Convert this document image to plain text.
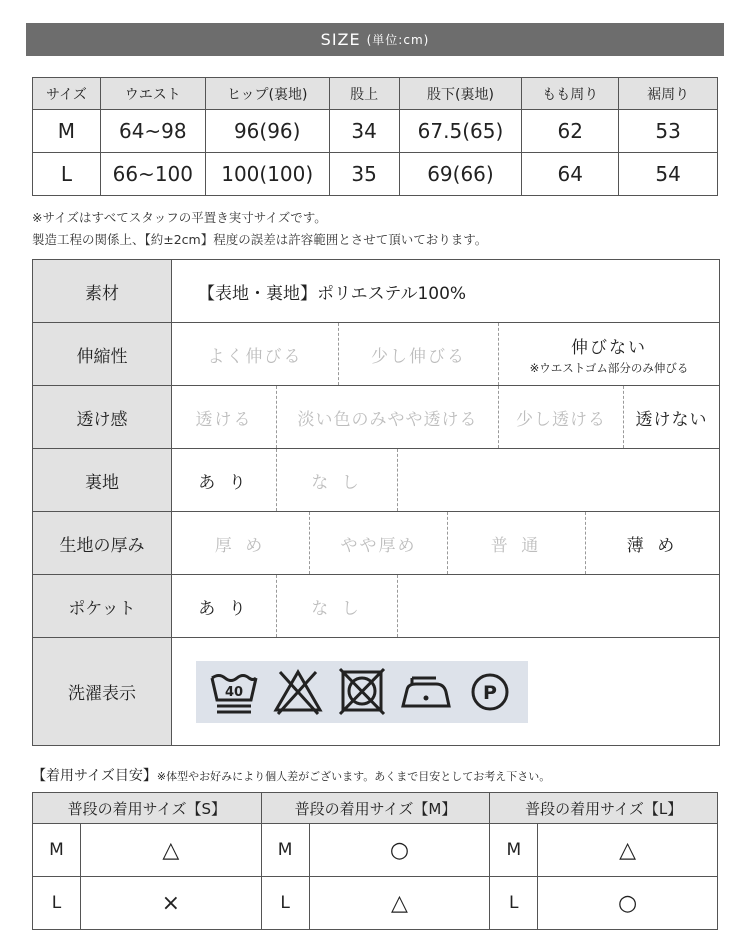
SIZE (単位:cm)
サイズ	ウエスト	ヒップ(裏地)	股上	股下(裏地)	もも周り	裾周り
M	64~98	96(96)	34	67.5(65)	62	53
L	66~100	100(100)	35	69(66)	64	54
※サイズはすべてスタッフの平置き実寸サイズです。
製造工程の関係上、【約±2cm】程度の誤差は許容範囲とさせて頂いております。
素材	【表地・裏地】ポリエステル100%
伸縮性	よく伸びる	少し伸びる	伸びない
※ウエストゴム部分のみ伸びる
透け感	透ける	淡い色のみやや透ける	少し透ける	透けない
裏地	あ り	な し
生地の厚み	厚 め	やや厚め	普 通	薄 め
ポケット	あ り	な し
洗濯表示	40	P
【着用サイズ目安】※体型やお好みにより個人差がございます。あくまで目安としてお考え下さい。
普段の着用サイズ【S】		普段の着用サイズ【M】		普段の着用サイズ【L】	
M	△	M	○	M	△
L	×	L	△	L	○
